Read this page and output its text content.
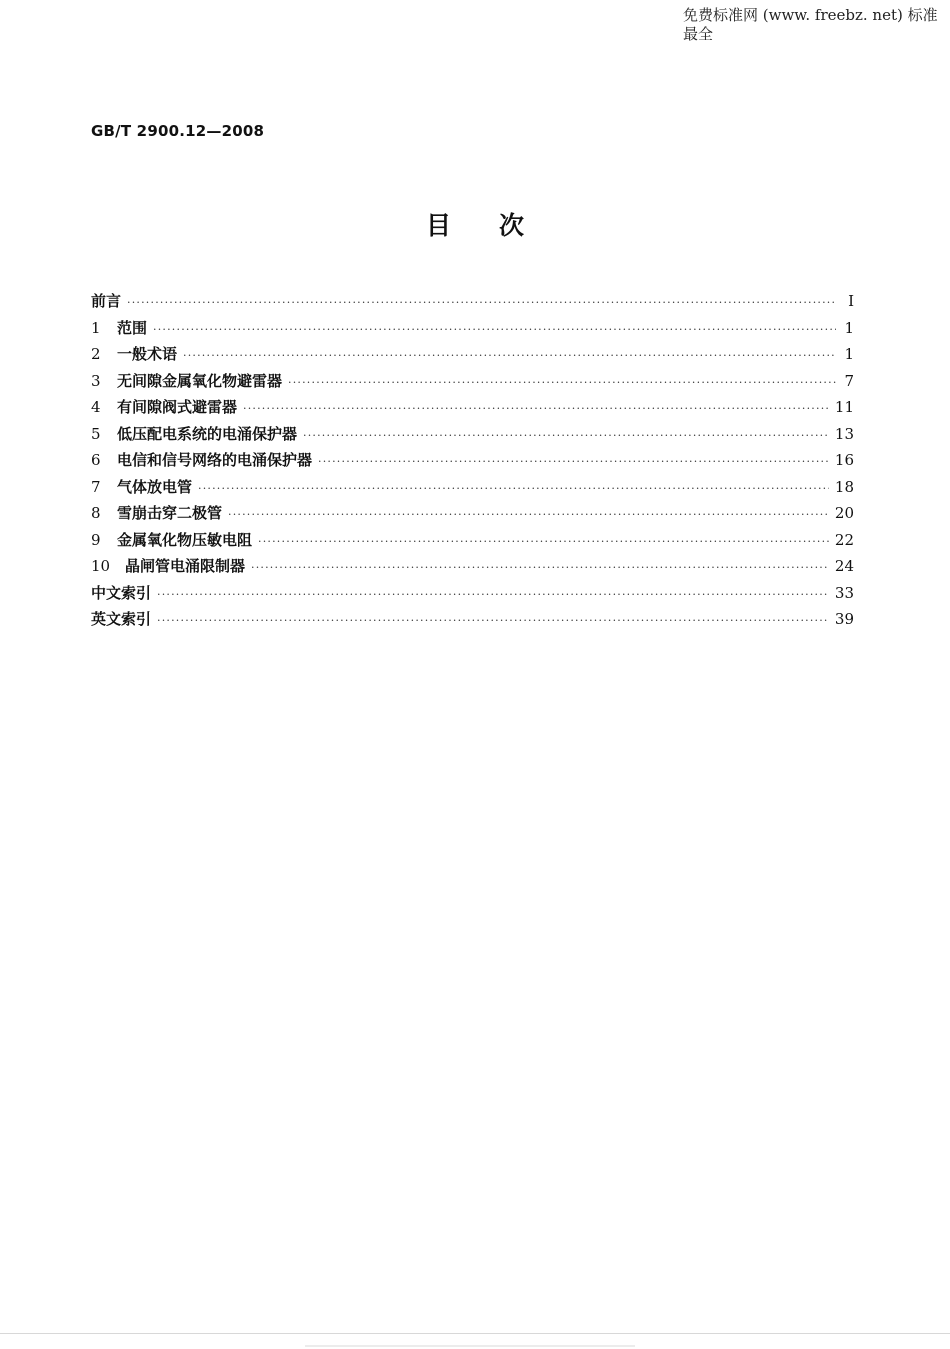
免费标准网 (www. freebz. net) 标准最全
GB/T 2900.12—2008
目 次
前言 ·····	Ⅰ
1	范围 ·····	1
2	一般术语 ·····	1
3	无间隙金属氧化物避雷器 ·····	7
4	有间隙阀式避雷器 ·····	11
5	低压配电系统的电涌保护器 ·····	13
6	电信和信号网络的电涌保护器 ·····	16
7	气体放电管 ·····	18
8	雪崩击穿二极管 ·····	20
9	金属氧化物压敏电阻 ·····	22
10 晶闸管电涌限制器 ·····	24
中文索引 ·····	33
英文索引 ·····	39
